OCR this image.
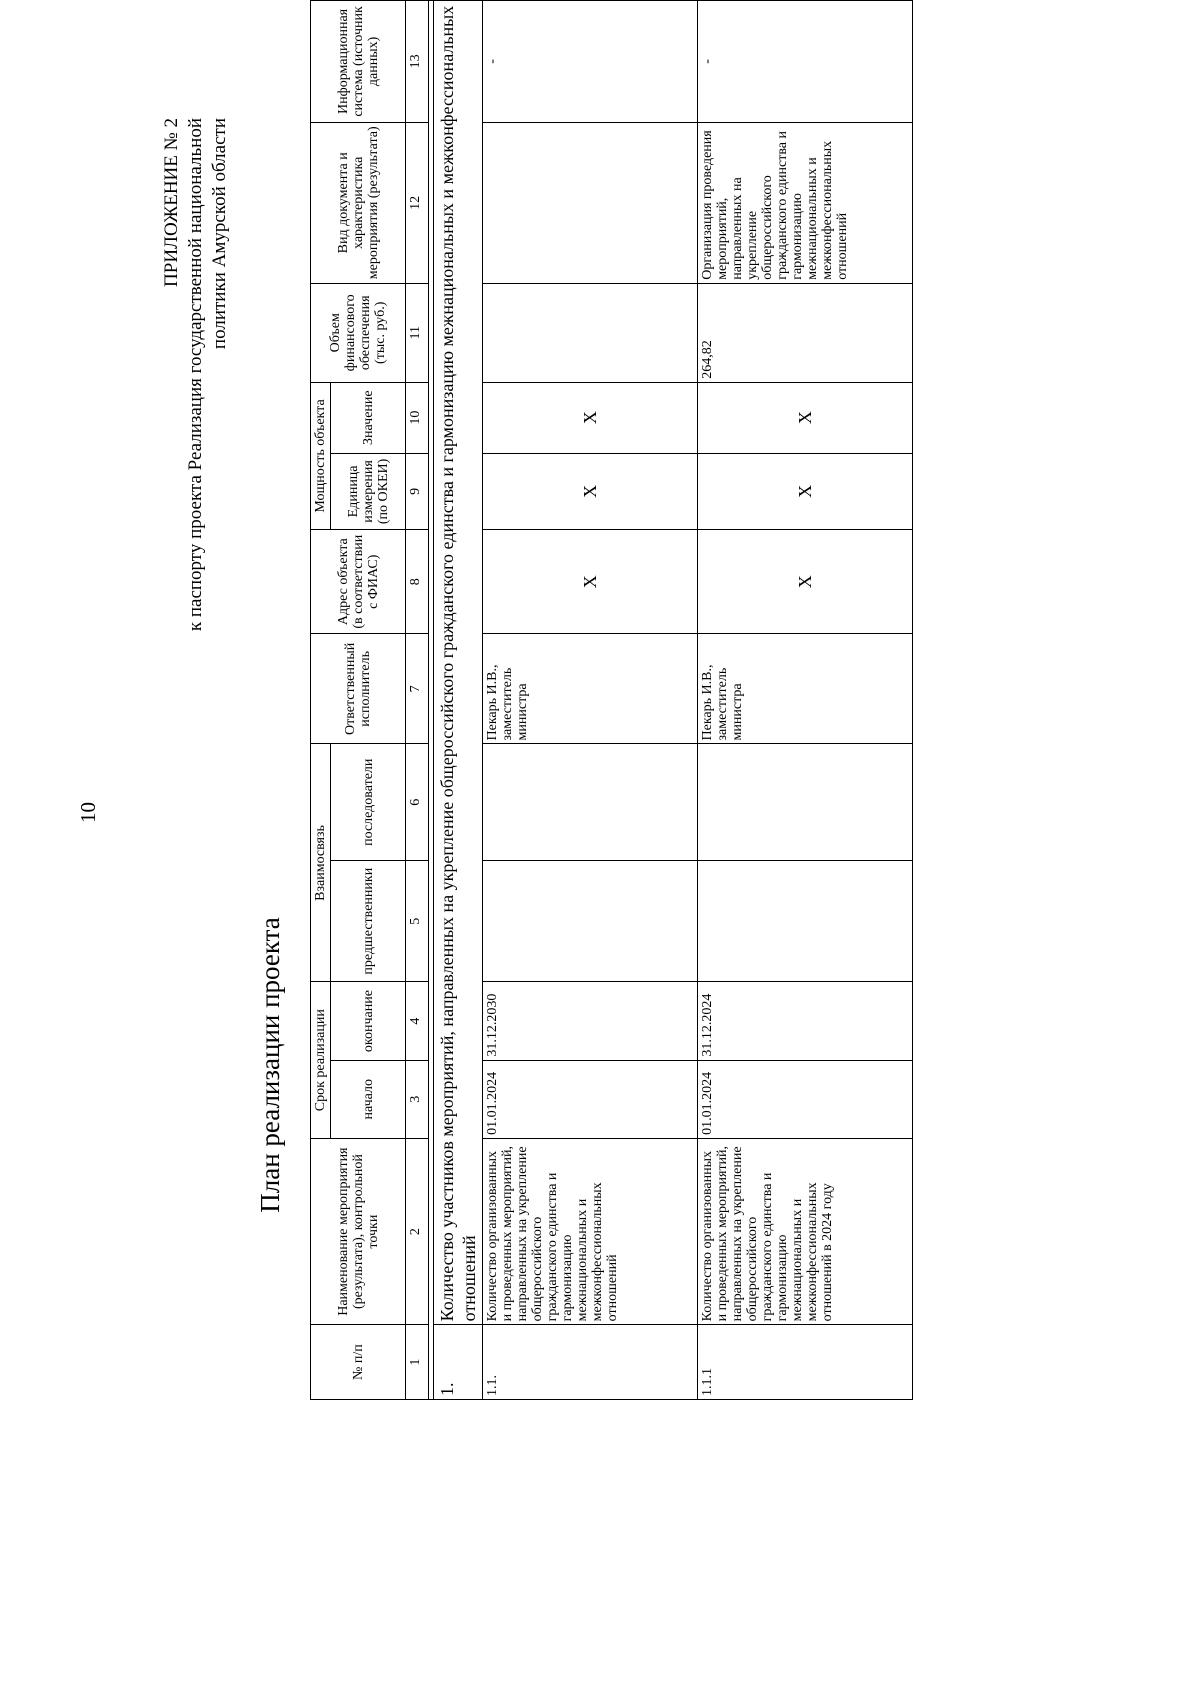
10
ПРИЛОЖЕНИЕ № 2 к паспорту проекта Реализация государственной национальной политики Амурской области
План реализации проекта
№ п/п	Наименование мероприятия (результата), контрольной точки	Срок реализации		Взаимосвязь		Ответственный исполнитель	Адрес объекта (в соответствии с ФИАС)	Мощность объекта		Объем финансового обеспечения (тыс. руб.)	Вид документа и характеристика мероприятия (результата)	Информационная система (источник данных)
		начало	окончание	предшественники	последователи			Единица измерения (по ОКЕИ)	Значение			
1	2	3	4	5	6	7	8	9	10	11	12	13

1.	Количество участников мероприятий, направленных на укрепление общероссийского гражданского единства и гармонизацию межнациональных и межконфессиональных отношений											
1.1.	Количество организованных и проведенных мероприятий, направленных на укрепление общероссийского гражданского единства и гармонизацию межнациональных и межконфессиональных отношений	01.01.2024	31.12.2030			Пекарь И.В., заместитель министра	X	X	X			-
1.1.1	Количество организованных и проведенных мероприятий, направленных на укрепление общероссийского гражданского единства и гармонизацию межнациональных и межконфессиональных отношений в 2024 году	01.01.2024	31.12.2024			Пекарь И.В., заместитель министра	X	X	X	264,82	Организация проведения мероприятий, направленных на укрепление общероссийского гражданского единства и гармонизацию межнациональных и межконфессиональных отношений	-
